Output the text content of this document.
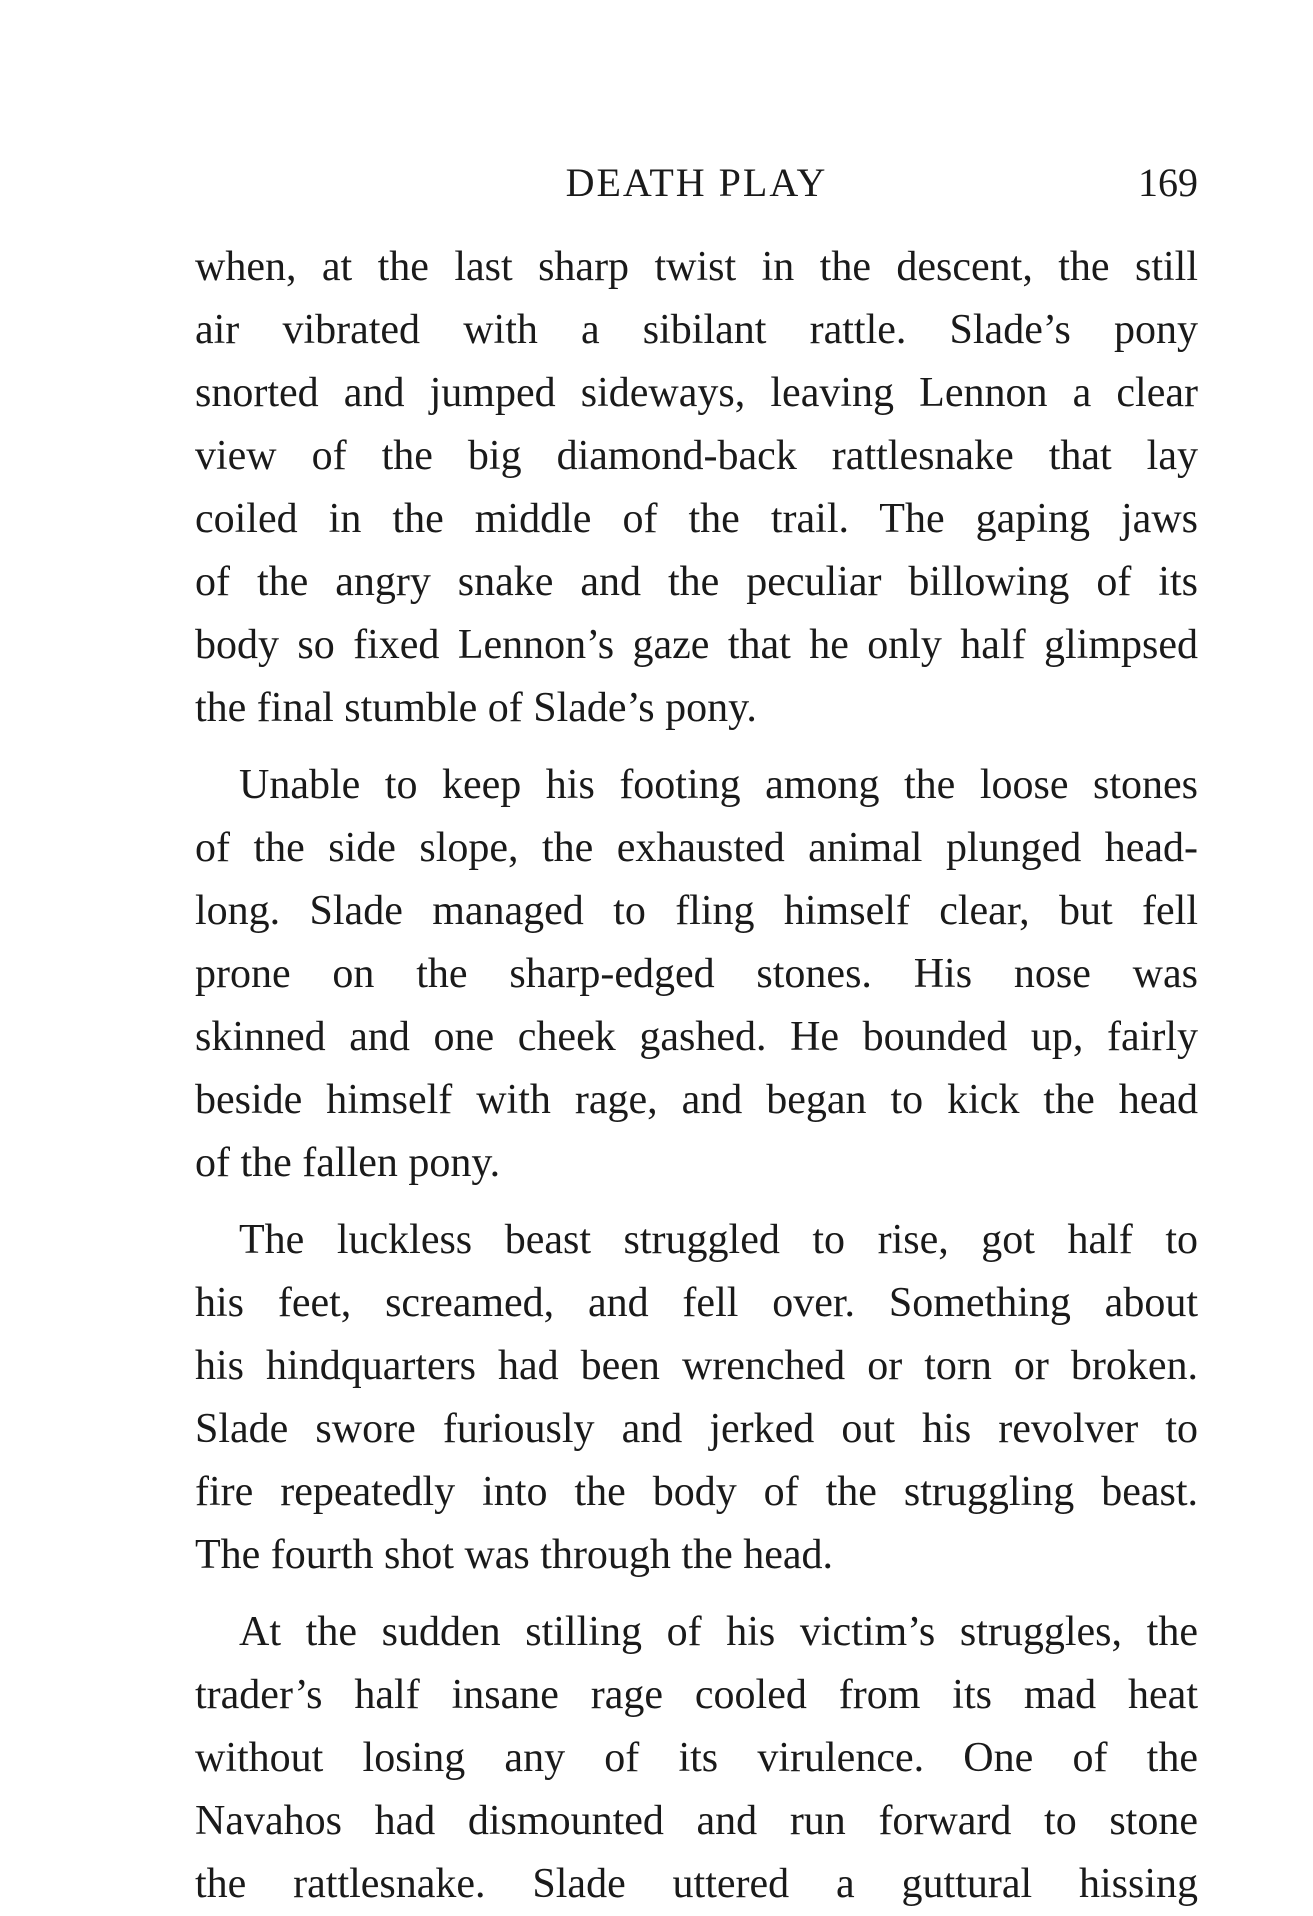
DEATH PLAY	169
when, at the last sharp twist in the descent, the still
air vibrated with a sibilant rattle. Slade’s pony
snorted and jumped sideways, leaving Lennon a clear
view of the big diamond-back rattlesnake that lay
coiled in the middle of the trail. The gaping jaws
of the angry snake and the peculiar billowing of its
body so fixed Lennon’s gaze that he only half glimpsed
the final stumble of Slade’s pony.
Unable to keep his footing among the loose stones
of the side slope, the exhausted animal plunged head-
long. Slade managed to fling himself clear, but fell
prone on the sharp-edged stones. His nose was
skinned and one cheek gashed. He bounded up, fairly
beside himself with rage, and began to kick the head
of the fallen pony.
The luckless beast struggled to rise, got half to
his feet, screamed, and fell over. Something about
his hindquarters had been wrenched or torn or broken.
Slade swore furiously and jerked out his revolver to
fire repeatedly into the body of the struggling beast.
The fourth shot was through the head.
At the sudden stilling of his victim’s struggles, the
trader’s half insane rage cooled from its mad heat
without losing any of its virulence. One of the
Navahos had dismounted and run forward to stone
the rattlesnake. Slade uttered a guttural hissing
